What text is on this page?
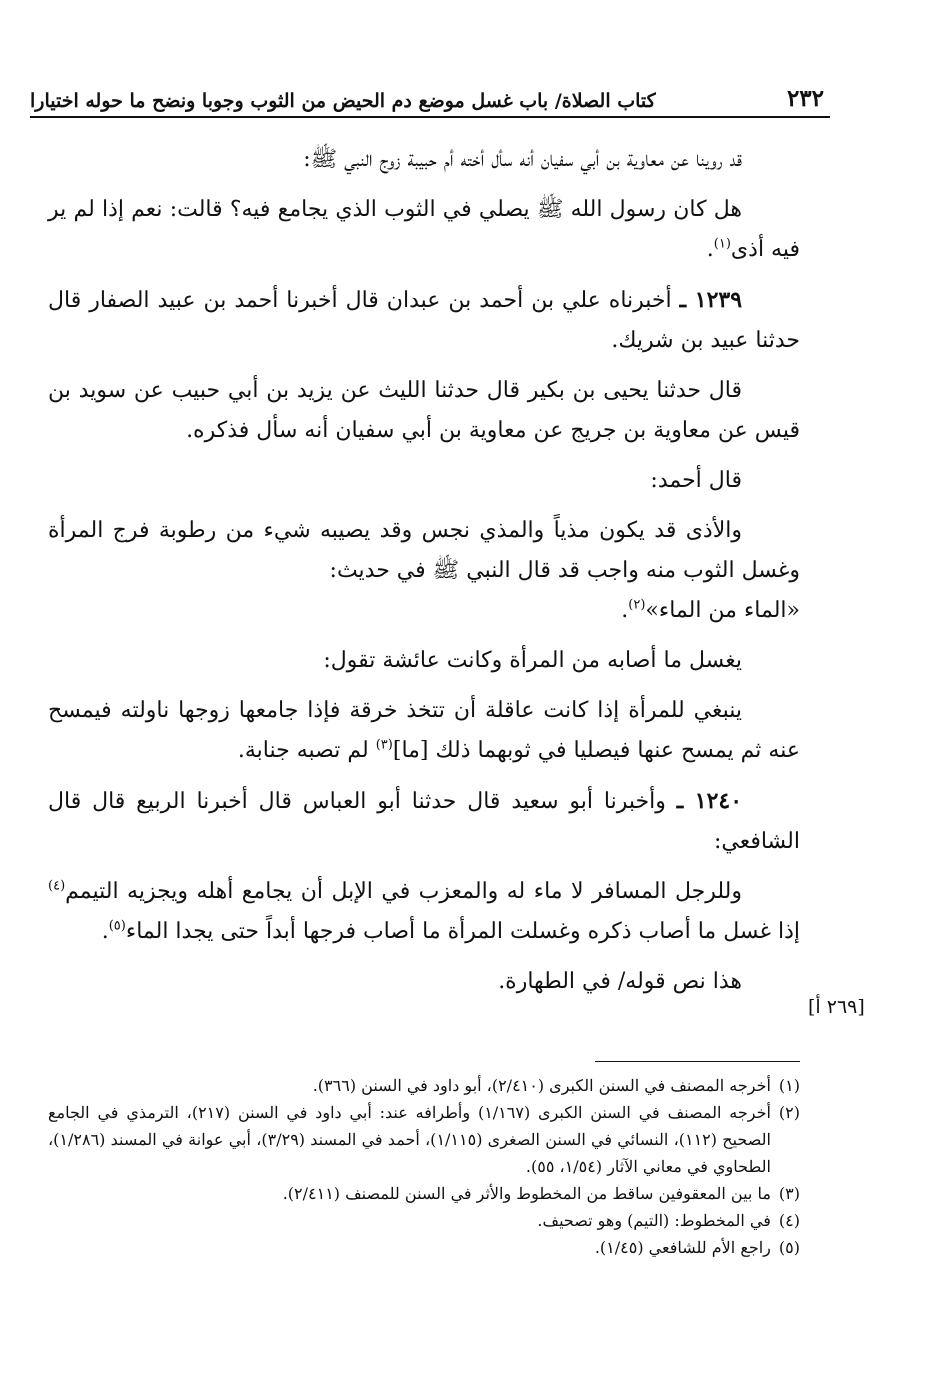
٢٣٢
كتاب الصلاة/ باب غسل موضع دم الحيض من الثوب وجوبا ونضح ما حوله اختيارا

قد روينا عن معاوية بن أبي سفيان أنه سأل أخته أم حبيبة زوج النبي ﷺ:

هل كان رسول الله ﷺ يصلي في الثوب الذي يجامع فيه؟ قالت: نعم إذا لم ير فيه أذى$^{(١)}$.

١٢٣٩ ـ أخبرناه علي بن أحمد بن عبدان قال أخبرنا أحمد بن عبيد الصفار قال حدثنا عبيد بن شريك.

قال حدثنا يحيى بن بكير قال حدثنا الليث عن يزيد بن أبي حبيب عن سويد بن قيس عن معاوية بن جريج عن معاوية بن أبي سفيان أنه سأل فذكره.

قال أحمد:

والأذى قد يكون مذياً والمذي نجس وقد يصيبه شيء من رطوبة فرج المرأة وغسل الثوب منه واجب قد قال النبي ﷺ في حديث:
«الماء من الماء»$^{(٢)}$.

يغسل ما أصابه من المرأة وكانت عائشة تقول:

ينبغي للمرأة إذا كانت عاقلة أن تتخذ خرقة فإذا جامعها زوجها ناولته فيمسح عنه ثم يمسح عنها فيصليا في ثوبهما ذلك [ما]$^{(٣)}$ لم تصبه جنابة.

١٢٤٠ ـ وأخبرنا أبو سعيد قال حدثنا أبو العباس قال أخبرنا الربيع قال قال الشافعي:

وللرجل المسافر لا ماء له والمعزب في الإبل أن يجامع أهله ويجزيه التيمم$^{(٤)}$ إذا غسل ما أصاب ذكره وغسلت المرأة ما أصاب فرجها أبداً حتى يجدا الماء$^{(٥)}$.

هذا نص قوله/ في الطهارة.

[٢٦٩ أ]
(١)
أخرجه المصنف في السنن الكبرى (٢/٤١٠)، أبو داود في السنن (٣٦٦).
(٢)
أخرجه المصنف في السنن الكبرى (١/١٦٧) وأطرافه عند: أبي داود في السنن (٢١٧)، الترمذي في الجامع الصحيح (١١٢)، النسائي في السنن الصغرى (١/١١٥)، أحمد في المسند (٣/٢٩)، أبي عوانة في المسند (١/٢٨٦)، الطحاوي في معاني الآثار (١/٥٤، ٥٥).
(٣)
ما بين المعقوفين ساقط من المخطوط والأثر في السنن للمصنف (٢/٤١١).
(٤)
في المخطوط: (التيم) وهو تصحيف.
(٥)
راجع الأم للشافعي (١/٤٥).
